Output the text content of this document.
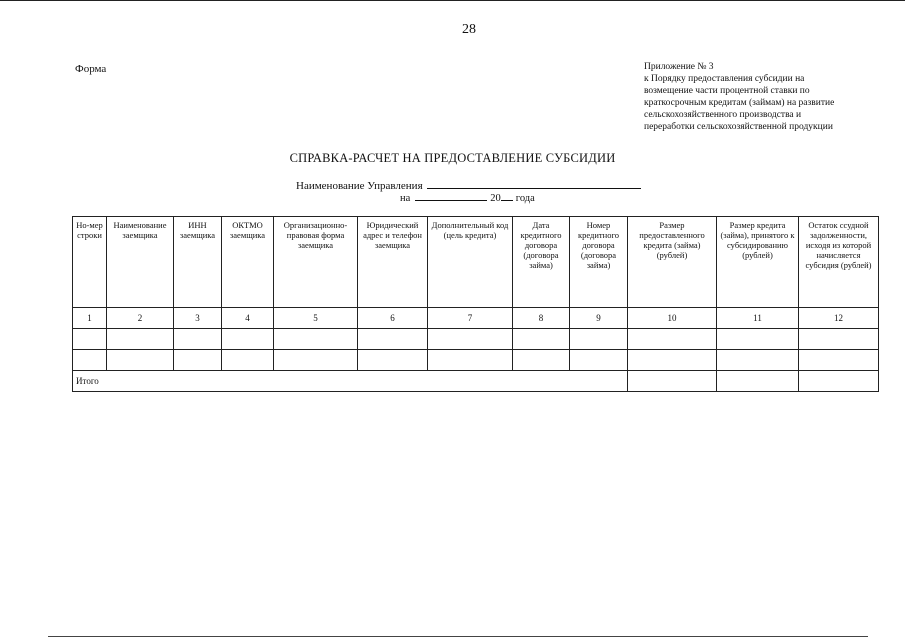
28
Форма	Приложение № 3
к Порядку предоставления субсидии на
возмещение части процентной ставки по
краткосрочным кредитам (займам) на развитие
сельскохозяйственного производства и
переработки сельскохозяйственной продукции
СПРАВКА-РАСЧЕТ НА ПРЕДОСТАВЛЕНИЕ СУБСИДИИ
Наименование Управления
на	20 года
Но-мер строки	Наименование заемщика	ИНН заемщика	ОКТМО заемщика	Организационно-правовая форма заемщика	Юридический адрес и телефон заемщика	Дополнительный код (цель кредита)	Дата кредитного договора (договора займа)	Номер кредитного договора (договора займа)	Размер предоставленного кредита (займа) (рублей)	Размер кредита (займа), принятого к субсидированию (рублей)	Остаток ссудной задолженности, исходя из которой начисляется субсидия (рублей)
1	2	3	4	5	6	7	8	9	10	11	12

Итого											
